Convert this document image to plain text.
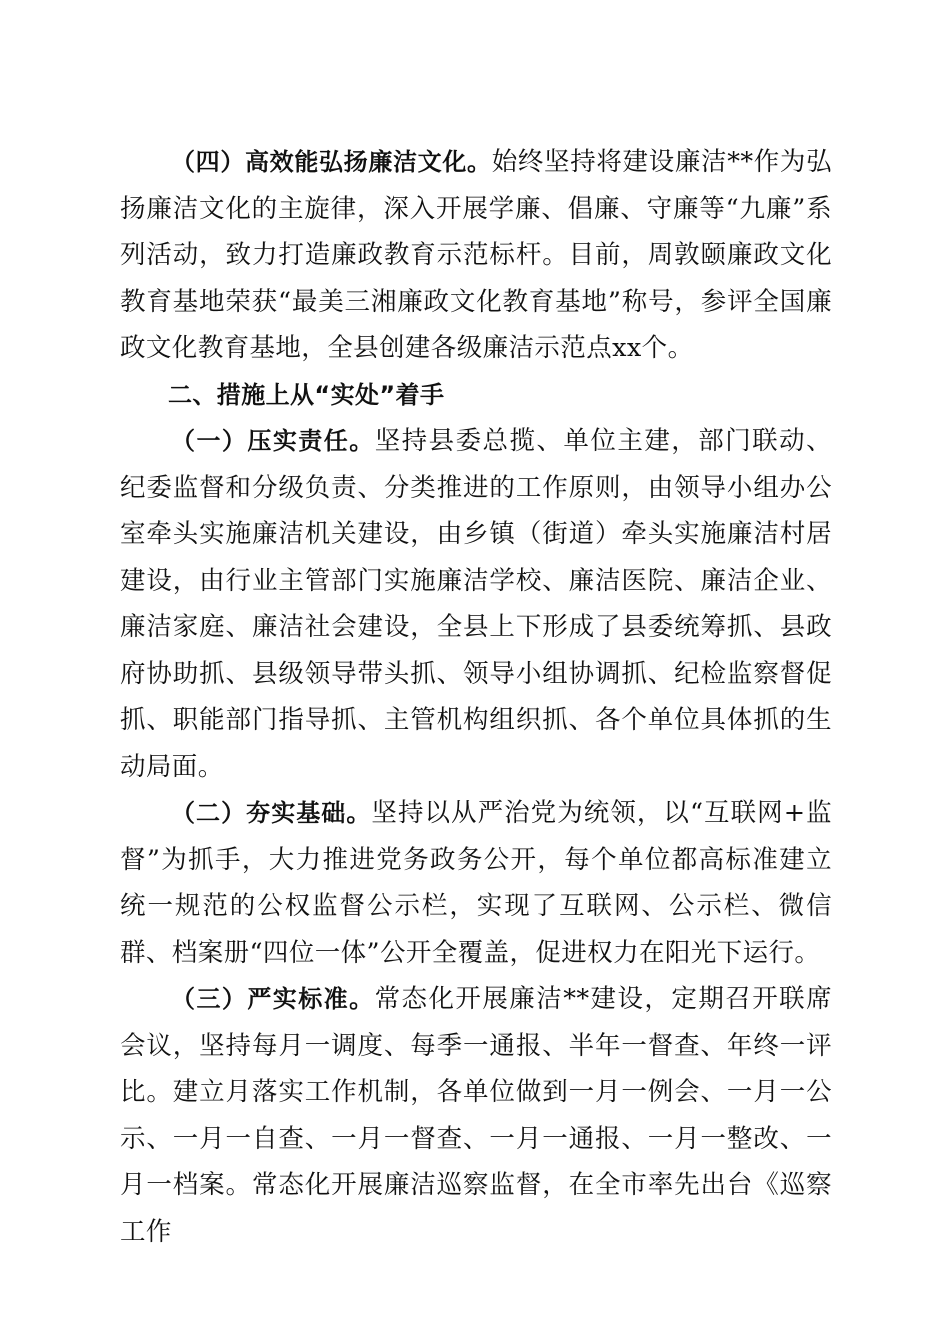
（四）高效能弘扬廉洁文化。始终坚持将建设廉洁**作为弘扬廉洁文化的主旋律，深入开展学廉、倡廉、守廉等“九廉”系列活动，致力打造廉政教育示范标杆。目前，周敦颐廉政文化教育基地荣获“最美三湘廉政文化教育基地”称号，参评全国廉政文化教育基地，全县创建各级廉洁示范点xx个。

二、措施上从“实处”着手

（一）压实责任。坚持县委总揽、单位主建，部门联动、纪委监督和分级负责、分类推进的工作原则，由领导小组办公室牵头实施廉洁机关建设，由乡镇（街道）牵头实施廉洁村居建设，由行业主管部门实施廉洁学校、廉洁医院、廉洁企业、廉洁家庭、廉洁社会建设，全县上下形成了县委统筹抓、县政府协助抓、县级领导带头抓、领导小组协调抓、纪检监察督促抓、职能部门指导抓、主管机构组织抓、各个单位具体抓的生动局面。

（二）夯实基础。坚持以从严治党为统领，以“互联网+监督”为抓手，大力推进党务政务公开，每个单位都高标准建立统一规范的公权监督公示栏，实现了互联网、公示栏、微信群、档案册“四位一体”公开全覆盖，促进权力在阳光下运行。

（三）严实标准。常态化开展廉洁**建设，定期召开联席会议，坚持每月一调度、每季一通报、半年一督查、年终一评比。建立月落实工作机制，各单位做到一月一例会、一月一公示、一月一自查、一月一督查、一月一通报、一月一整改、一月一档案。常态化开展廉洁巡察监督，在全市率先出台《巡察工作
